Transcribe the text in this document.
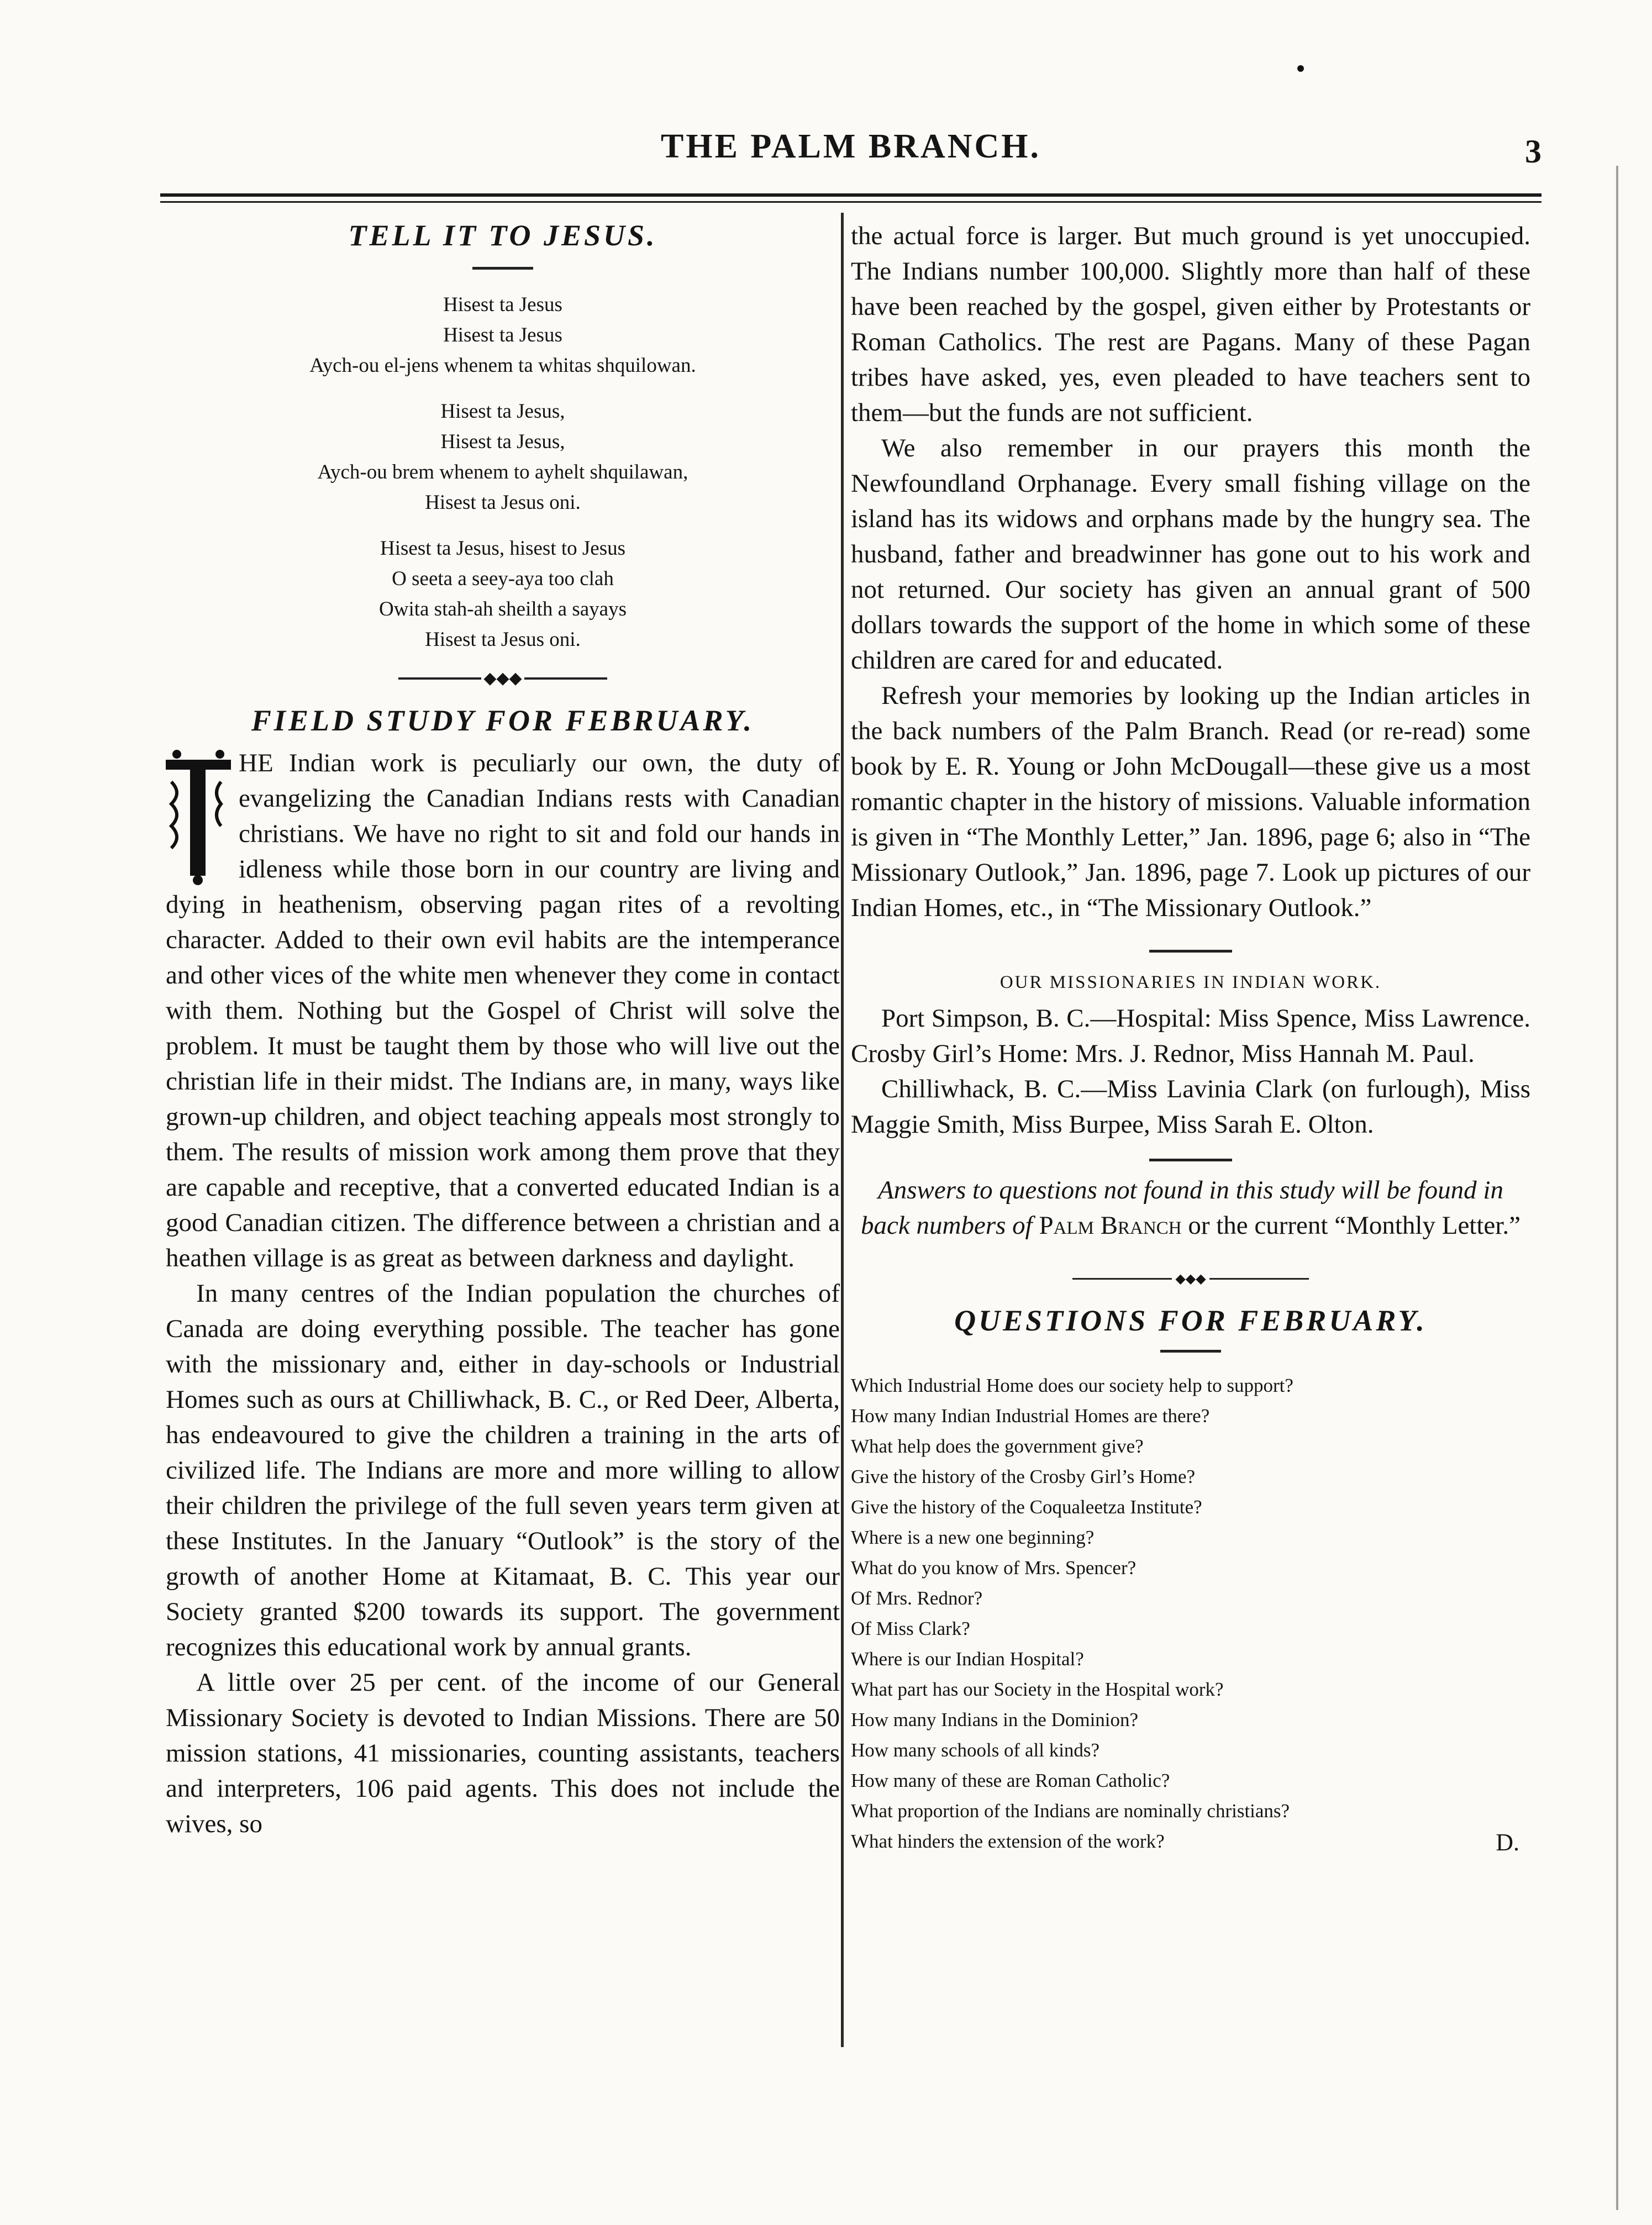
THE PALM BRANCH.	3
TELL IT TO JESUS.
Hisest ta Jesus
Hisest ta Jesus
Aych-ou el-jens whenem ta whitas shquilowan.
Hisest ta Jesus,
Hisest ta Jesus,
Aych-ou brem whenem to ayhelt shquilawan,
Hisest ta Jesus oni.
Hisest ta Jesus, hisest to Jesus
O seeta a seey-aya too clah
Owita stah-ah sheilth a sayays
Hisest ta Jesus oni.
◆◆◆
FIELD STUDY FOR FEBRUARY.

HE Indian work is peculiarly our own, the duty of evangelizing the Canadian Indians rests with Canadian christians. We have no right to sit and fold our hands in idleness while those born in our country are living and dying in heathenism, observing pagan rites of a revolting character. Added to their own evil habits are the intemperance and other vices of the white men whenever they come in contact with them. Nothing but the Gospel of Christ will solve the problem. It must be taught them by those who will live out the christian life in their midst. The Indians are, in many, ways like grown-up children, and object teaching appeals most strongly to them. The results of mission work among them prove that they are capable and receptive, that a converted educated Indian is a good Canadian citizen. The difference between a christian and a heathen village is as great as between darkness and daylight.

In many centres of the Indian population the churches of Canada are doing everything possible. The teacher has gone with the missionary and, either in day-schools or Industrial Homes such as ours at Chilliwhack, B. C., or Red Deer, Alberta, has endeavoured to give the children a training in the arts of civilized life. The Indians are more and more willing to allow their children the privilege of the full seven years term given at these Institutes. In the January “Outlook” is the story of the growth of another Home at Kitamaat, B. C. This year our Society granted $200 towards its support. The government recognizes this educational work by annual grants.

A little over 25 per cent. of the income of our General Missionary Society is devoted to Indian Missions. There are 50 mission stations, 41 missionaries, counting assistants, teachers and interpreters, 106 paid agents. This does not include the wives, so

the actual force is larger. But much ground is yet unoccupied. The Indians number 100,000. Slightly more than half of these have been reached by the gospel, given either by Protestants or Roman Catholics. The rest are Pagans. Many of these Pagan tribes have asked, yes, even pleaded to have teachers sent to them—but the funds are not sufficient.

We also remember in our prayers this month the Newfoundland Orphanage. Every small fishing village on the island has its widows and orphans made by the hungry sea. The husband, father and breadwinner has gone out to his work and not returned. Our society has given an annual grant of 500 dollars towards the support of the home in which some of these children are cared for and educated.

Refresh your memories by looking up the Indian articles in the back numbers of the Palm Branch. Read (or re-read) some book by E. R. Young or John McDougall—these give us a most romantic chapter in the history of missions. Valuable information is given in “The Monthly Letter,” Jan. 1896, page 6; also in “The Missionary Outlook,” Jan. 1896, page 7. Look up pictures of our Indian Homes, etc., in “The Missionary Outlook.”

OUR MISSIONARIES IN INDIAN WORK.

Port Simpson, B. C.—Hospital: Miss Spence, Miss Lawrence. Crosby Girl’s Home: Mrs. J. Rednor, Miss Hannah M. Paul.

Chilliwhack, B. C.—Miss Lavinia Clark (on furlough), Miss Maggie Smith, Miss Burpee, Miss Sarah E. Olton.

Answers to questions not found in this study will be found in back numbers of Palm Branch or the current “Monthly Letter.”

◆◆◆
QUESTIONS FOR FEBRUARY.
Which Industrial Home does our society help to support?
How many Indian Industrial Homes are there?
What help does the government give?
Give the history of the Crosby Girl’s Home?
Give the history of the Coqualeetza Institute?
Where is a new one beginning?
What do you know of Mrs. Spencer?
Of Mrs. Rednor?
Of Miss Clark?
Where is our Indian Hospital?
What part has our Society in the Hospital work?
How many Indians in the Dominion?
How many schools of all kinds?
How many of these are Roman Catholic?
What proportion of the Indians are nominally christians?
What hinders the extension of the work?	D.
